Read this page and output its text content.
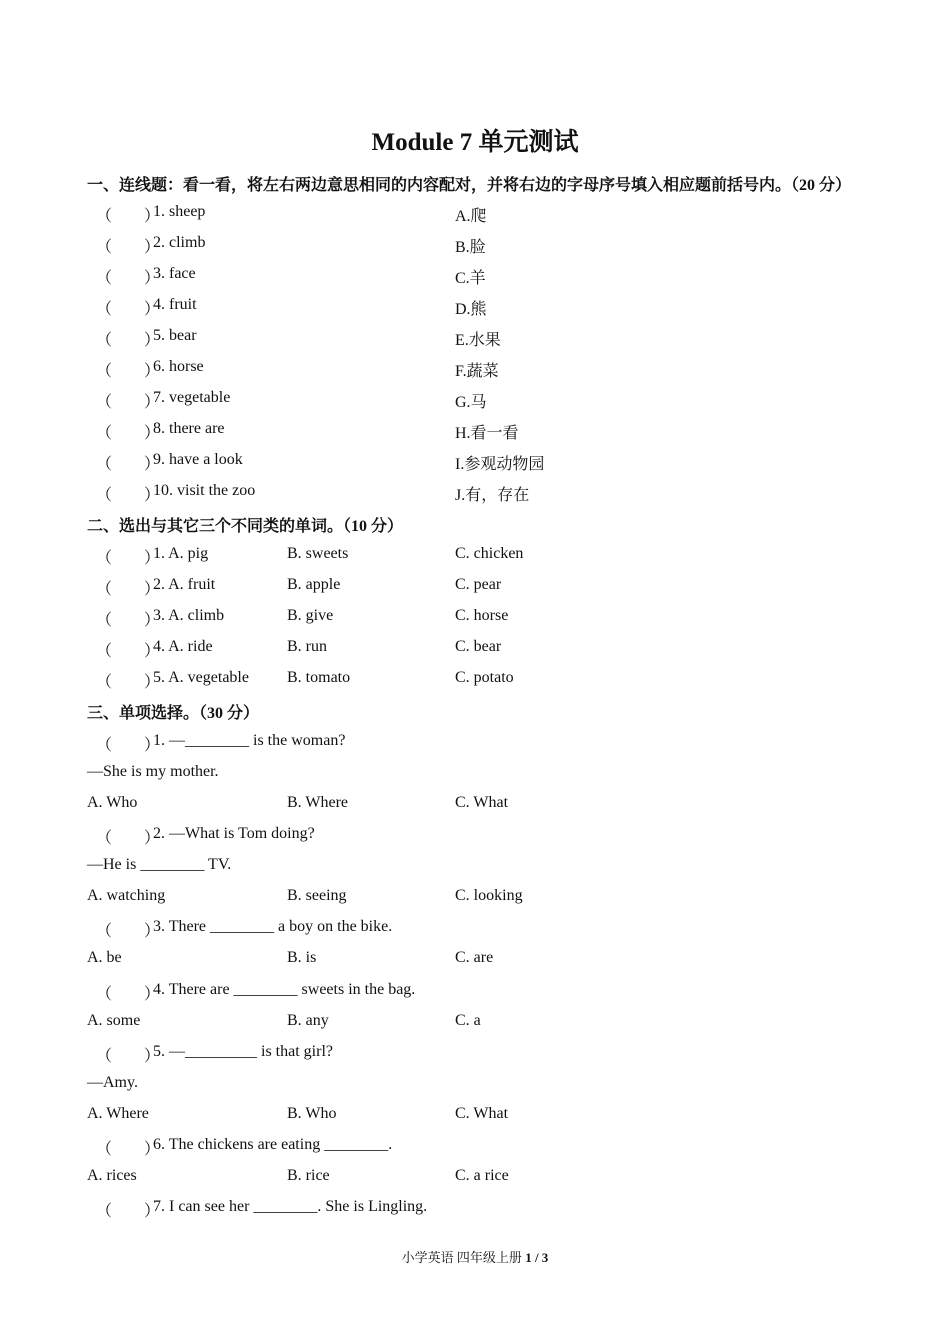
Module 7 单元测试
一、连线题：看一看，将左右两边意思相同的内容配对，并将右边的字母序号填入相应题前括号内。（20 分）
（　　）
1. sheep	A.爬
（　　）
2. climb	B.脸
（　　）
3. face	C.羊
（　　）
4. fruit	D.熊
（　　）
5. bear	E.水果
（　　）
6. horse	F.蔬菜
（　　）
7. vegetable	G.马
（　　）
8. there are	H.看一看
（　　）
9. have a look	I.参观动物园
（　　）
10. visit the zoo	J.有，存在
二、选出与其它三个不同类的单词。（10 分）
（　　）
1. A. pig	B. sweets	C. chicken
（　　）
2. A. fruit	B. apple	C. pear
（　　）
3. A. climb	B. give	C. horse
（　　）
4. A. ride	B. run	C. bear
（　　）
5. A. vegetable B. tomato	C. potato
三、单项选择。（30 分）
（　　）
1. —________ is the woman?
—She is my mother.
A. Who	B. Where	C. What
（　　）
2. —What is Tom doing?
—He is ________ TV.
A. watching	B. seeing	C. looking
（　　）
3. There ________ a boy on the bike.
A. be	B. is	C. are
（　　）
4. There are ________ sweets in the bag.
A. some	B. any	C. a
（　　）
5. —_________ is that girl?
—Amy.
A. Where	B. Who	C. What
（　　）
6. The chickens are eating ________.
A. rices	B. rice	C. a rice
（　　）
7. I can see her ________. She is Lingling.
小学英语 四年级上册 1 / 3
